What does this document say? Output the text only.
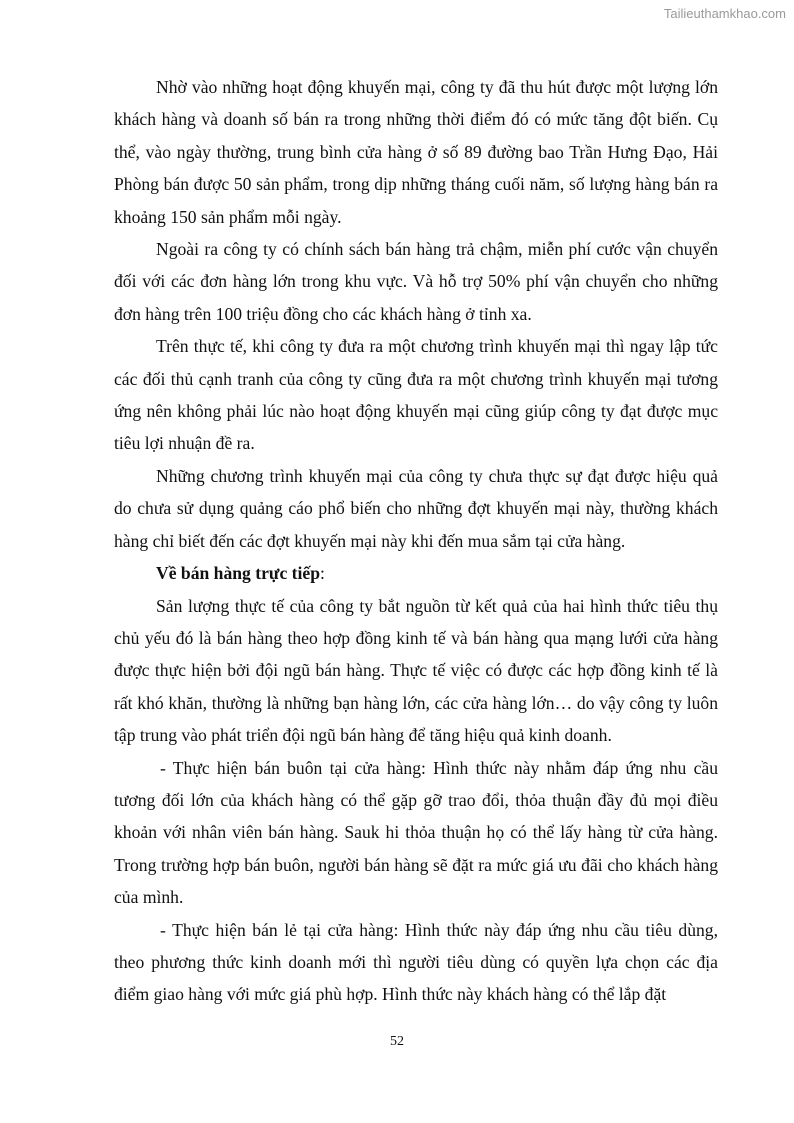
Tailieuthamkhao.com

Nhờ vào những hoạt động khuyến mại, công ty đã thu hút được một lượng lớn khách hàng và doanh số bán ra trong những thời điểm đó có mức tăng đột biến. Cụ thể, vào ngày thường, trung bình cửa hàng ở số 89 đường bao Trần Hưng Đạo, Hải Phòng bán được 50 sản phẩm, trong dịp những tháng cuối năm, số lượng hàng bán ra khoảng 150 sản phẩm mỗi ngày.

Ngoài ra công ty có chính sách bán hàng trả chậm, miễn phí cước vận chuyển đối với các đơn hàng lớn trong khu vực. Và hỗ trợ 50% phí vận chuyển cho những đơn hàng trên 100 triệu đồng cho các khách hàng ở tỉnh xa.

Trên thực tế, khi công ty đưa ra một chương trình khuyến mại thì ngay lập tức các đối thủ cạnh tranh của công ty cũng đưa ra một chương trình khuyến mại tương ứng nên không phải lúc nào hoạt động khuyến mại cũng giúp công ty đạt được mục tiêu lợi nhuận đề ra.

Những chương trình khuyến mại của công ty chưa thực sự đạt được hiệu quả do chưa sử dụng quảng cáo phổ biến cho những đợt khuyến mại này, thường khách hàng chỉ biết đến các đợt khuyến mại này khi đến mua sắm tại cửa hàng.

Về bán hàng trực tiếp:

Sản lượng thực tế của công ty bắt nguồn từ kết quả của hai hình thức tiêu thụ chủ yếu đó là bán hàng theo hợp đồng kinh tế và bán hàng qua mạng lưới cửa hàng được thực hiện bởi đội ngũ bán hàng. Thực tế việc có được các hợp đồng kinh tế là rất khó khăn, thường là những bạn hàng lớn, các cửa hàng lớn… do vậy công ty luôn tập trung vào phát triển đội ngũ bán hàng để tăng hiệu quả kinh doanh.

- Thực hiện bán buôn tại cửa hàng: Hình thức này nhằm đáp ứng nhu cầu tương đối lớn của khách hàng có thể gặp gỡ trao đổi, thỏa thuận đầy đủ mọi điều khoản với nhân viên bán hàng. Sauk hi thỏa thuận họ có thể lấy hàng từ cửa hàng. Trong trường hợp bán buôn, người bán hàng sẽ đặt ra mức giá ưu đãi cho khách hàng của mình.

- Thực hiện bán lẻ tại cửa hàng: Hình thức này đáp ứng nhu cầu tiêu dùng, theo phương thức kinh doanh mới thì người tiêu dùng có quyền lựa chọn các địa điểm giao hàng với mức giá phù hợp. Hình thức này khách hàng có thể lắp đặt

52
